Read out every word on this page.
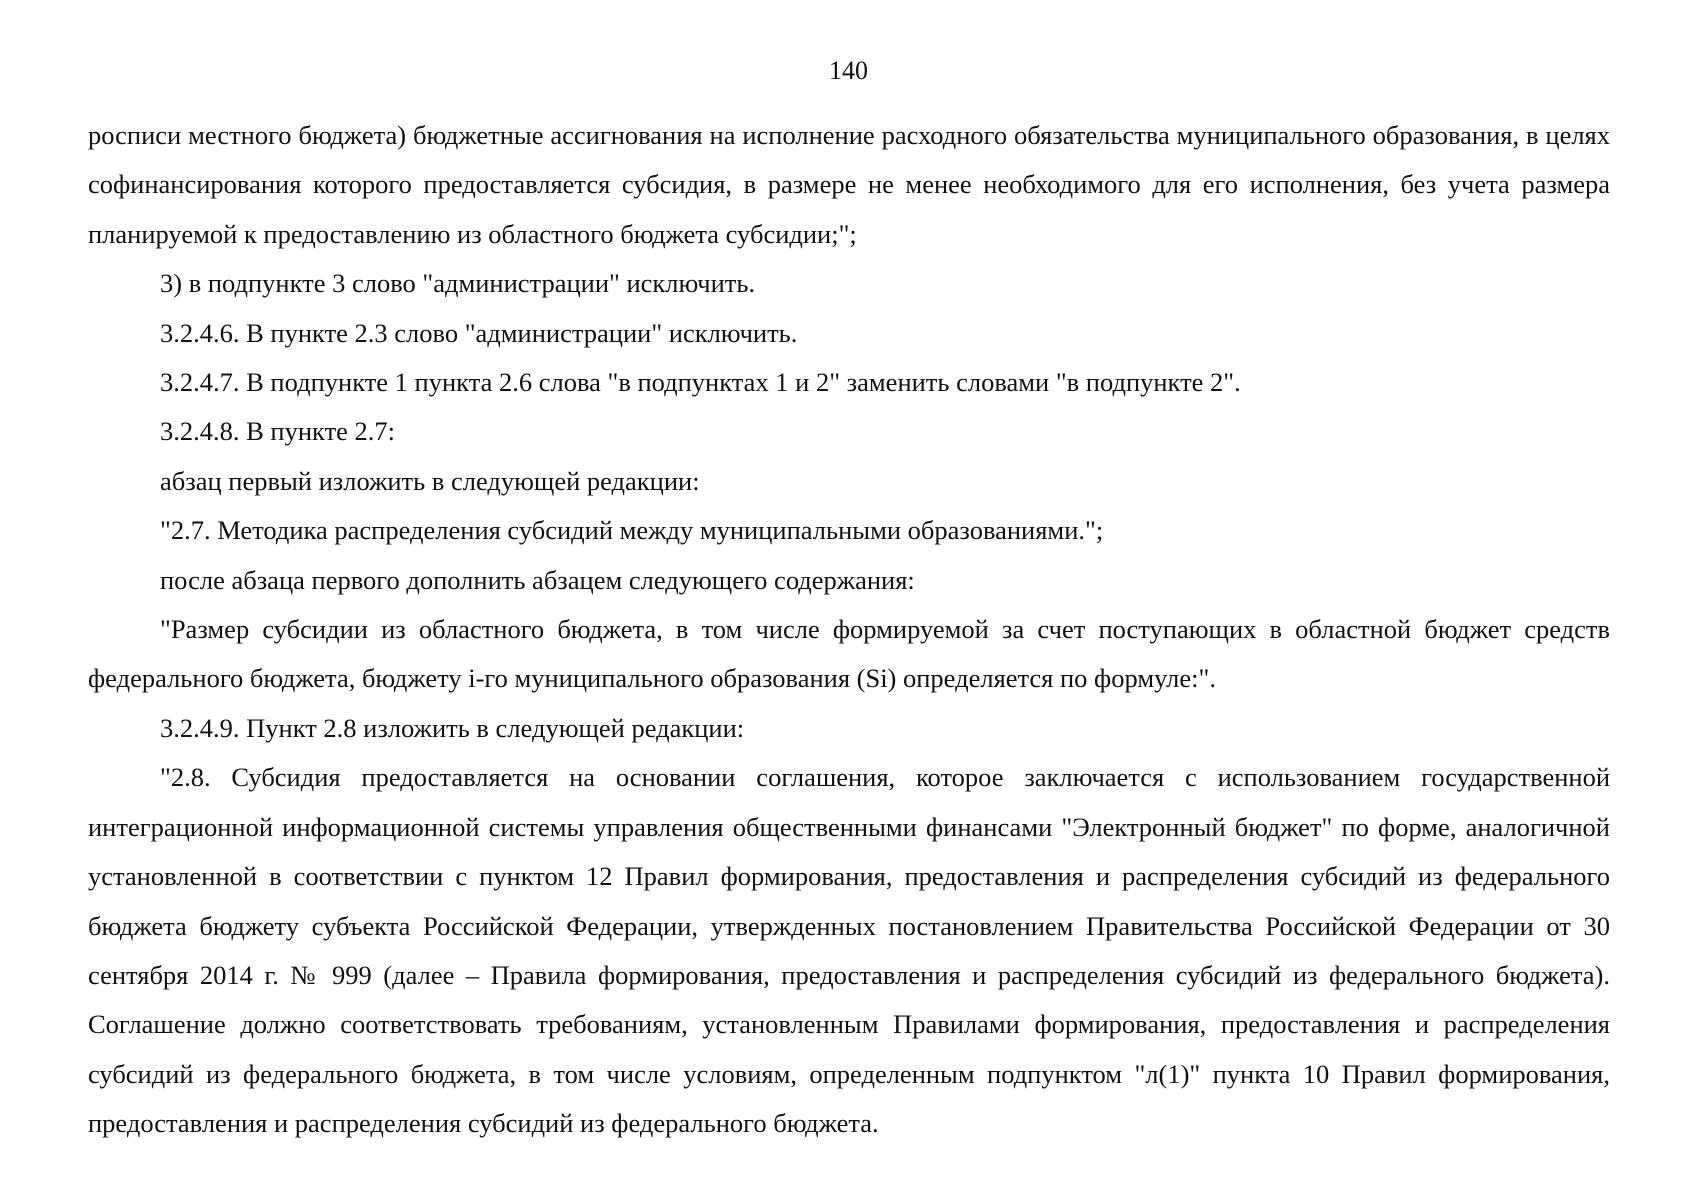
140

росписи местного бюджета) бюджетные ассигнования на исполнение расходного обязательства муниципального образования, в целях софинансирования которого предоставляется субсидия, в размере не менее необходимого для его исполнения, без учета размера планируемой к предоставлению из областного бюджета субсидии;";

3) в подпункте 3 слово "администрации" исключить.

3.2.4.6. В пункте 2.3 слово "администрации" исключить.

3.2.4.7. В подпункте 1 пункта 2.6 слова "в подпунктах 1 и 2" заменить словами "в подпункте 2".

3.2.4.8. В пункте 2.7:

абзац первый изложить в следующей редакции:

"2.7. Методика распределения субсидий между муниципальными образованиями.";

после абзаца первого дополнить абзацем следующего содержания:

"Размер субсидии из областного бюджета, в том числе формируемой за счет поступающих в областной бюджет средств федерального бюджета, бюджету i-го муниципального образования (Si) определяется по формуле:".

3.2.4.9. Пункт 2.8 изложить в следующей редакции:

"2.8. Субсидия предоставляется на основании соглашения, которое заключается с использованием государственной интеграционной информационной системы управления общественными финансами "Электронный бюджет" по форме, аналогичной установленной в соответствии с пунктом 12 Правил формирования, предоставления и распределения субсидий из федерального бюджета бюджету субъекта Российской Федерации, утвержденных постановлением Правительства Российской Федерации от 30 сентября 2014 г. № 999 (далее – Правила формирования, предоставления и распределения субсидий из федерального бюджета). Соглашение должно соответствовать требованиям, установленным Правилами формирования, предоставления и распределения субсидий из федерального бюджета, в том числе условиям, определенным подпунктом "л(1)" пункта 10 Правил формирования, предоставления и распределения субсидий из федерального бюджета.
